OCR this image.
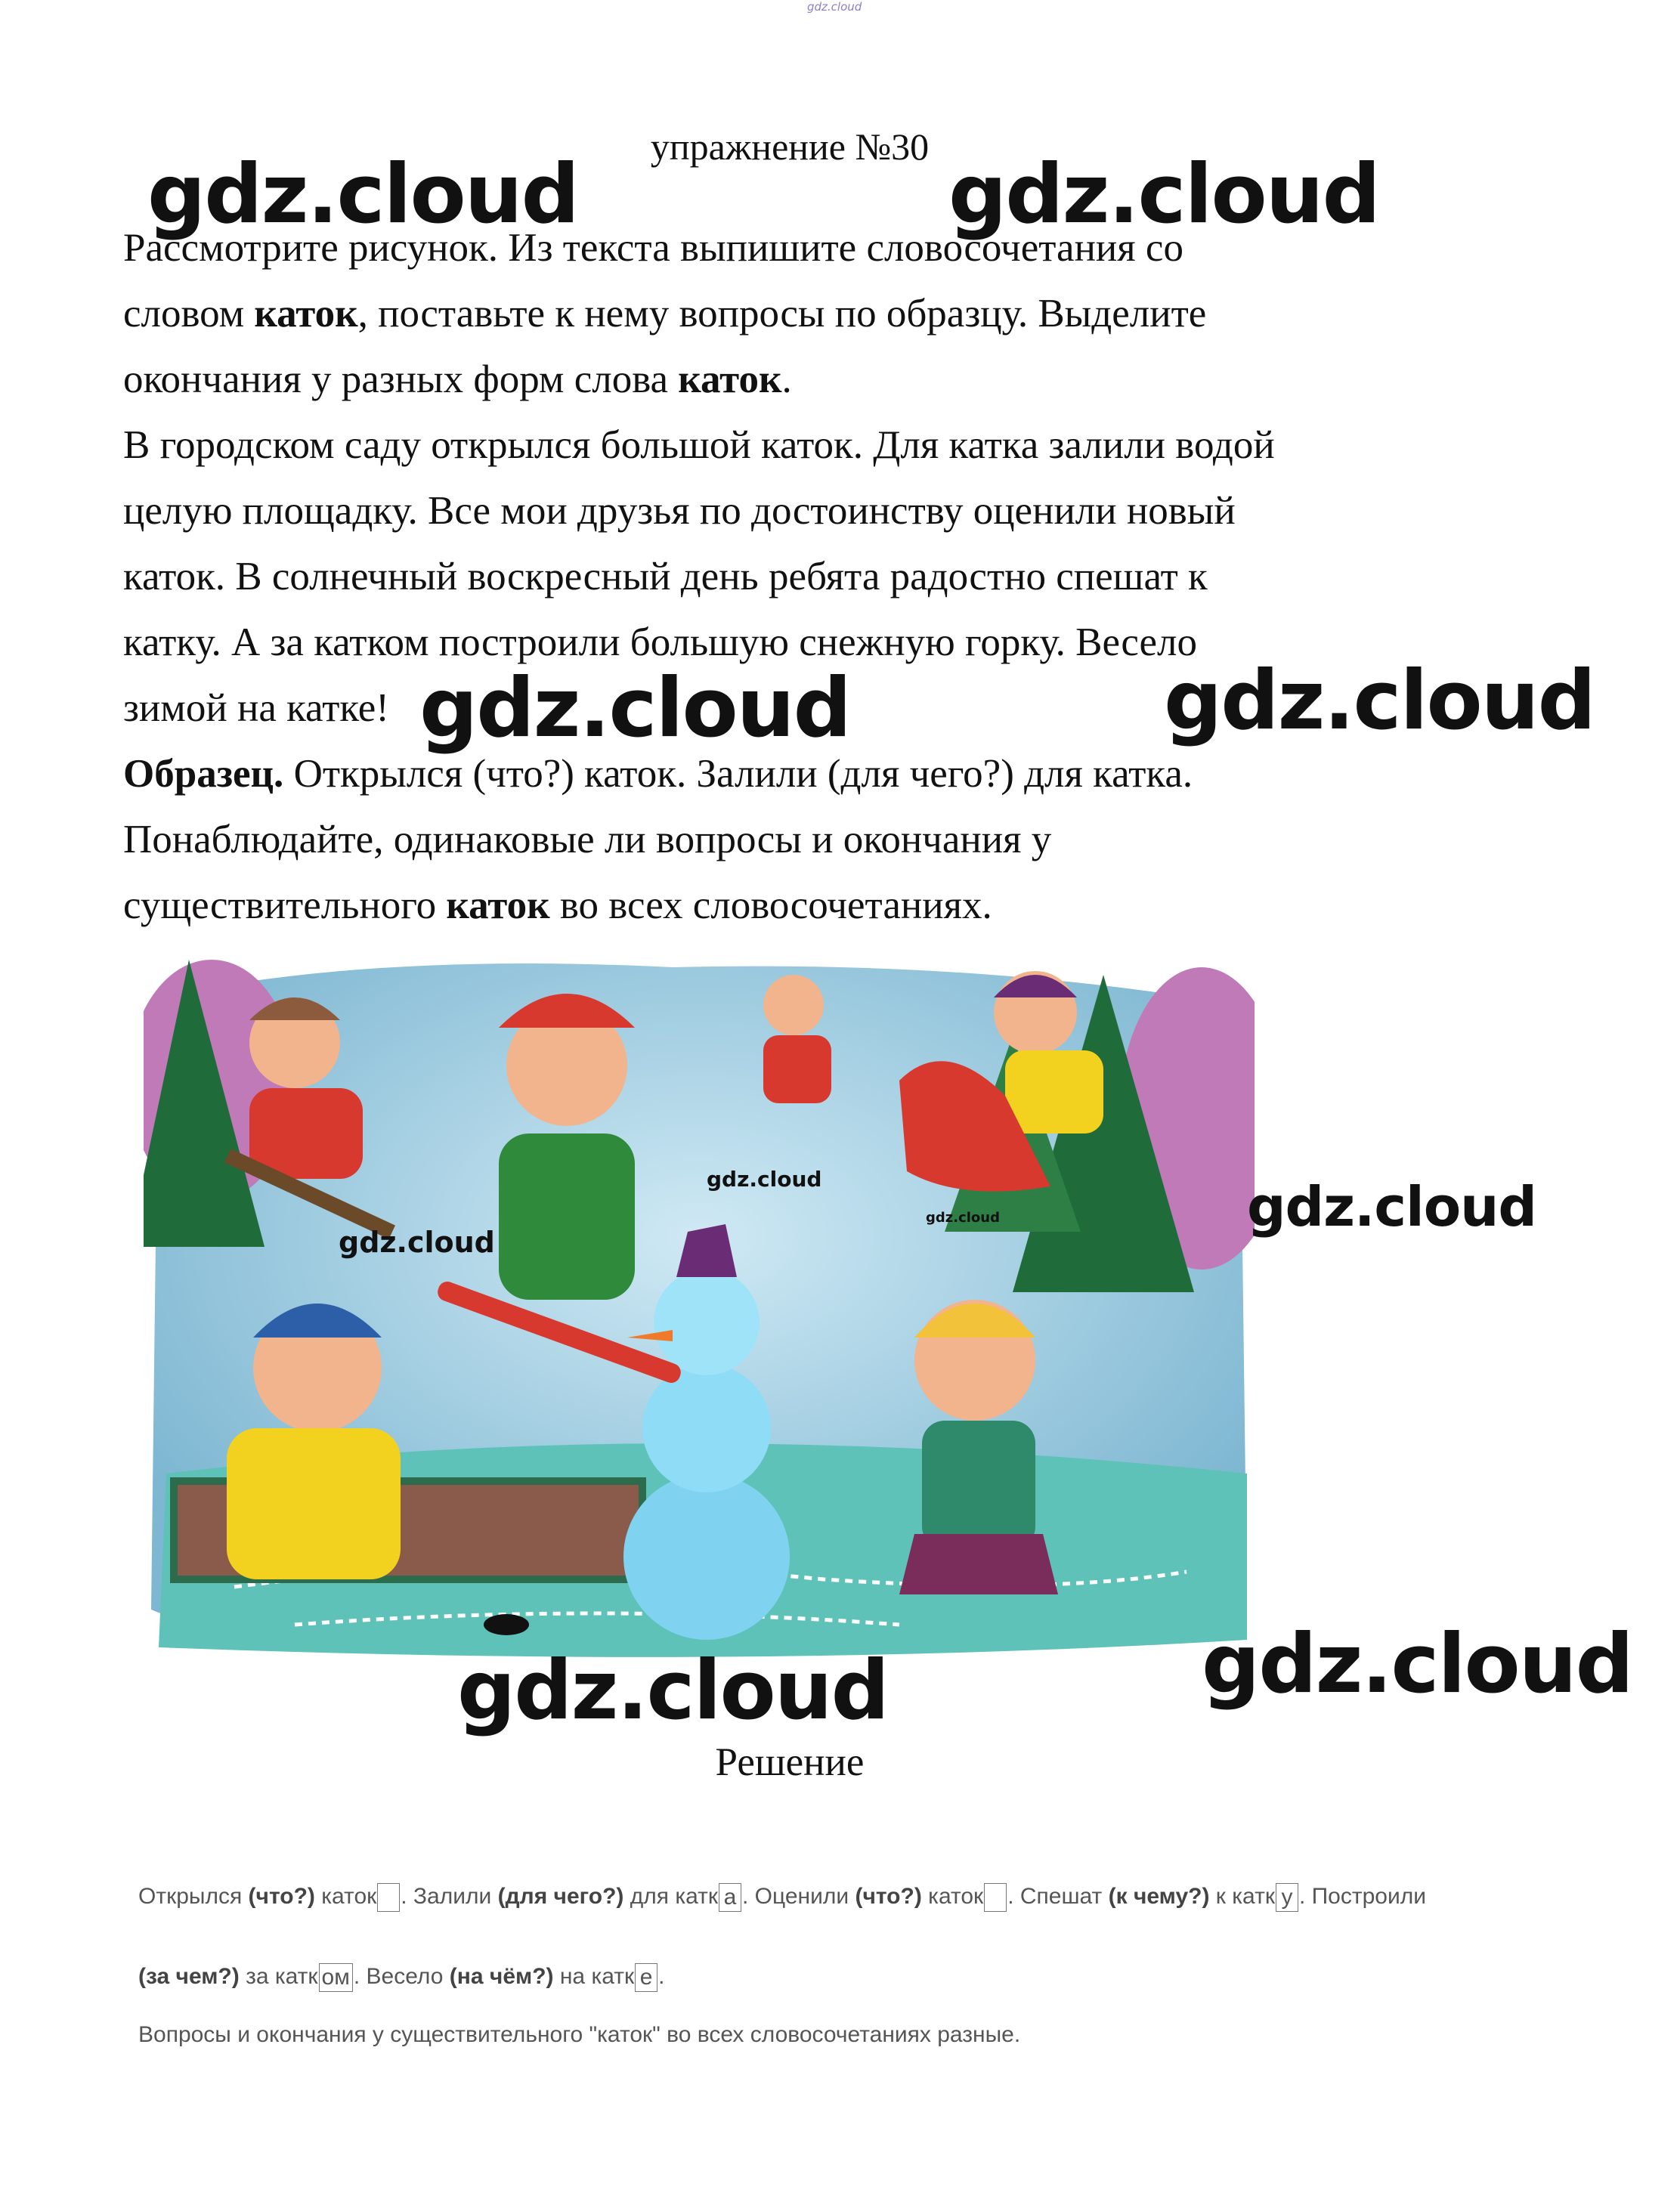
gdz.cloud
упражнение №30
gdz.cloud	gdz.cloud
gdz.cloud	gdz.cloud
Рассмотрите рисунок. Из текста выпишите словосочетания со
словом каток, поставьте к нему вопросы по образцу. Выделите
окончания у разных форм слова каток.
В городском саду открылся большой каток. Для катка залили водой
целую площадку. Все мои друзья по достоинству оценили новый
каток. В солнечный воскресный день ребята радостно спешат к
катку. А за катком построили большую снежную горку. Весело
зимой на катке!
Образец. Открылся (что?) каток. Залили (для чего?) для катка.
Понаблюдайте, одинаковые ли вопросы и окончания у
существительного каток во всех словосочетаниях.
gdz.cloud
gdz.cloud
gdz.cloud	gdz.cloud
gdz.cloud	gdz.cloud
Решение
Открылся (что?) каток . Залили (для чего?) для катк а . Оценили (что?) каток . Спешат (к чему?) к катк у . Построили
(за чем?) за катк ом . Весело (на чём?) на катк е .
Вопросы и окончания у существительного "каток" во всех словосочетаниях разные.
